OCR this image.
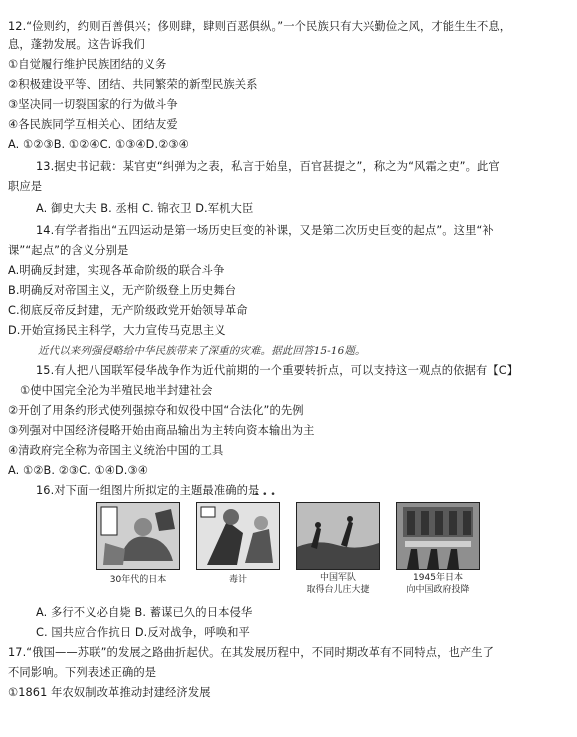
12.“俭则约，约则百善俱兴；侈则肆，肆则百恶俱纵。”一个民族只有大兴勤俭之风，才能生生不息，
息，蓬勃发展。这告诉我们
①自觉履行维护民族团结的义务
②积极建设平等、团结、共同繁荣的新型民族关系
③坚决同一切裂国家的行为做斗争
④各民族同学互相关心、团结友爱
A. ①②③B. ①②④C. ①③④D.②③④
13.据史书记载：某官吏“纠弹为之表，私言于始皇，百官甚提之”，称之为“风霜之吏”。此官
职应是
A. 御史大夫 B. 丞相 C. 锦衣卫 D.军机大臣
14.有学者指出“五四运动是第一场历史巨变的补课，又是第二次历史巨变的起点”。这里“补
课”“起点”的含义分别是
A.明确反封建，实现各革命阶级的联合斗争
B.明确反对帝国主义，无产阶级登上历史舞台
C.彻底反帝反封建，无产阶级政党开始领导革命
D.开始宣扬民主科学，大力宣传马克思主义
近代以来列强侵略给中华民族带来了深重的灾难。据此回答15-16题。
15.有人把八国联军侵华战争作为近代前期的一个重要转折点，可以支持这一观点的依据有【C】
①使中国完全沦为半殖民地半封建社会
②开创了用条约形式使列强掠夺和奴役中国“合法化”的先例
③列强对中国经济侵略开始由商品输出为主转向资本输出为主
④清政府完全称为帝国主义统治中国的工具
A. ①②B. ②③C. ①④D.③④
16.对下面一组图片所拟定的主题最准确的是
• • •
30年代的日本	毒计	中国军队
取得台儿庄大捷
1945年日本
向中国政府投降
A. 多行不义必自毙 B. 蓄谋已久的日本侵华
C. 国共应合作抗日 D.反对战争，呼唤和平
17.“俄国——苏联”的发展之路曲折起伏。在其发展历程中，不同时期改革有不同特点，也产生了
不同影响。下列表述正确的是
①1861 年农奴制改革推动封建经济发展
